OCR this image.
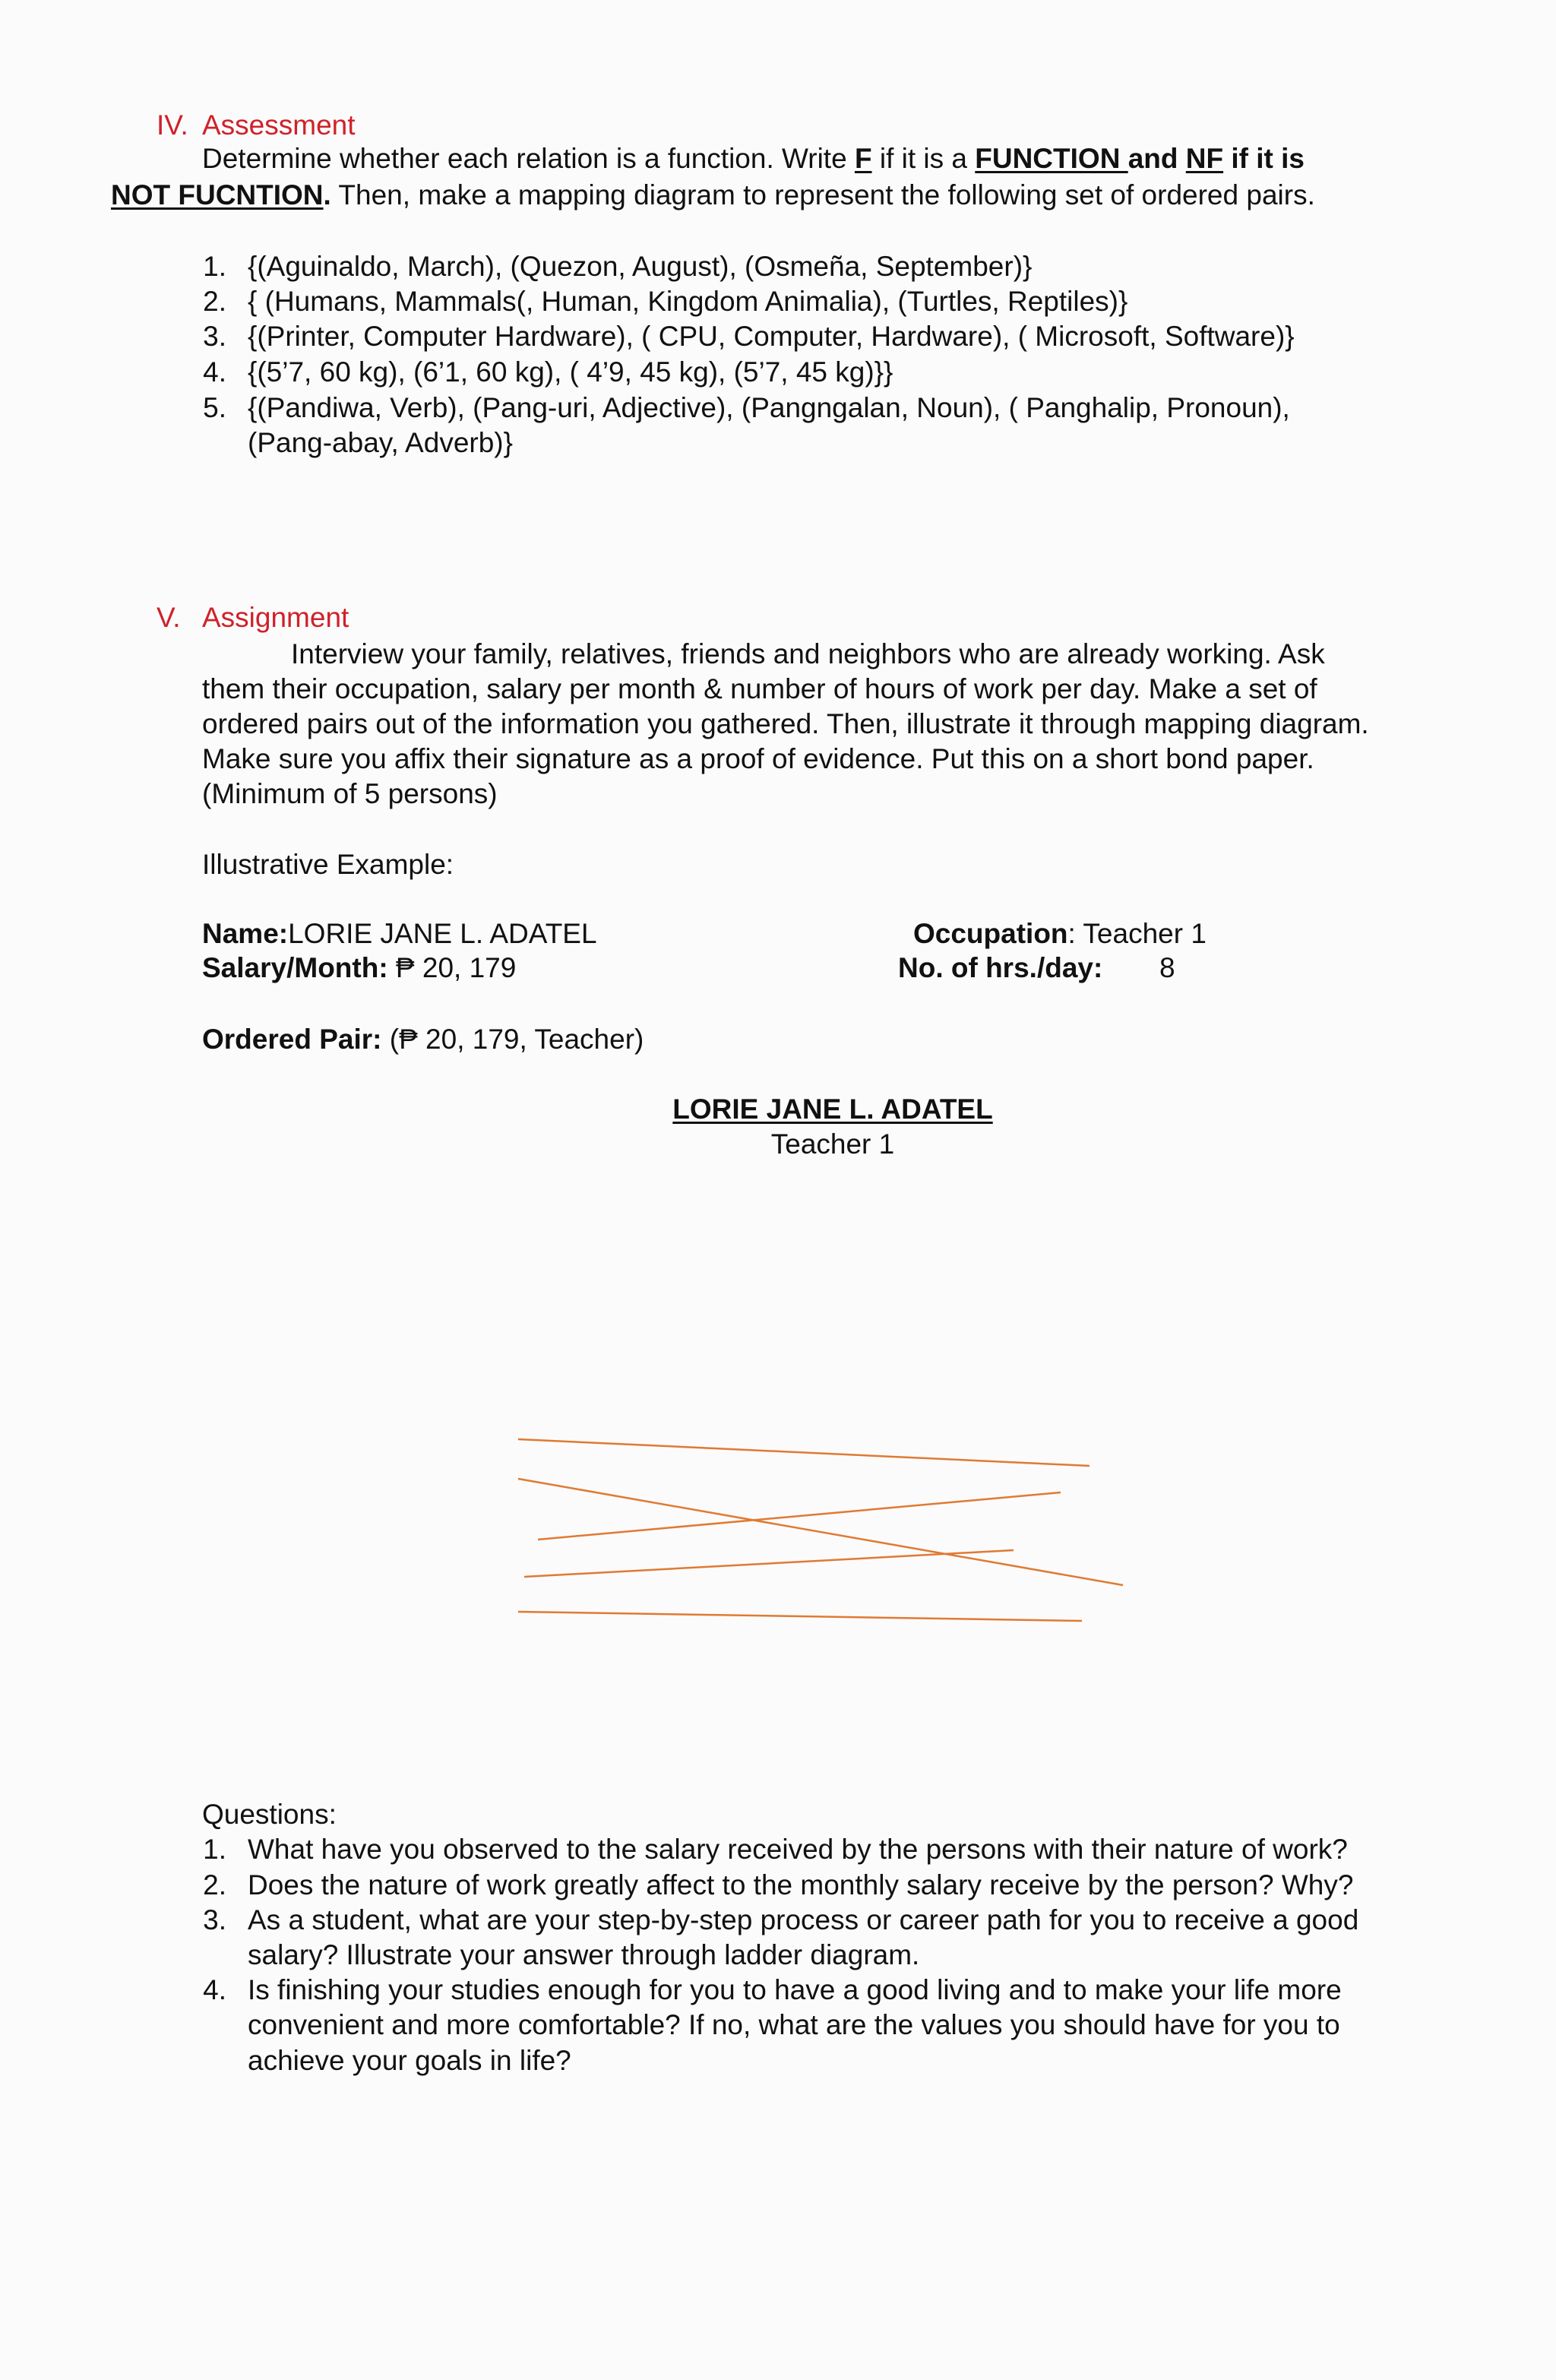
IV. Assessment
Determine whether each relation is a function. Write F if it is a FUNCTION and NF if it is
NOT FUCNTION. Then, make a mapping diagram to represent the following set of ordered pairs.
1. {(Aguinaldo, March), (Quezon, August), (Osmeña, September)}
2. { (Humans, Mammals(, Human, Kingdom Animalia), (Turtles, Reptiles)}
3. {(Printer, Computer Hardware), ( CPU, Computer, Hardware), ( Microsoft, Software)}
4. {(5’7, 60 kg), (6’1, 60 kg), ( 4’9, 45 kg), (5’7, 45 kg)}}
5. {(Pandiwa, Verb), (Pang-uri, Adjective), (Pangngalan, Noun), ( Panghalip, Pronoun),
(Pang-abay, Adverb)}
V. Assignment
Interview your family, relatives, friends and neighbors who are already working. Ask
them their occupation, salary per month & number of hours of work per day. Make a set of
ordered pairs out of the information you gathered. Then, illustrate it through mapping diagram.
Make sure you affix their signature as a proof of evidence. Put this on a short bond paper.
(Minimum of 5 persons)
Illustrative Example:
Name:LORIE JANE L. ADATEL	Occupation: Teacher 1
Salary/Month: ₱ 20, 179	No. of hrs./day: 8
Ordered Pair: (₱ 20, 179, Teacher)
LORIE JANE L. ADATEL
Teacher 1
Questions:
1. What have you observed to the salary received by the persons with their nature of work?
2. Does the nature of work greatly affect to the monthly salary receive by the person? Why?
3. As a student, what are your step-by-step process or career path for you to receive a good
salary? Illustrate your answer through ladder diagram.
4. Is finishing your studies enough for you to have a good living and to make your life more
convenient and more comfortable? If no, what are the values you should have for you to
achieve your goals in life?
